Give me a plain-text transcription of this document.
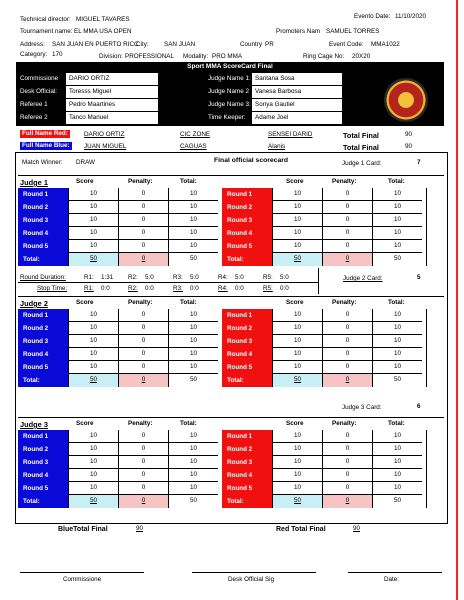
Technical director: MIGUEL TAVARES	Evento Date: 11/10/2020
Tournament name: EL MMA USA OPEN	Promoters Nam SAMUEL TORRES
Address: SAN JUAN EN PUERTO RICC
City: SAN JUAN	Country PR	Event Code: MMA1022
Category: 170	Division: PROFESSIONAL Modality: PRO MMA	Ring Cage No: 20X20
Sport MMA ScoreCard Final
Commissione	DARIO ORTIZ
Desk Official:	Toresss Miguel
Referee 1	Pedro Maartines
Referee 2	Tanco Manuel
Judge Name 1: Santana Sosa
Judge Name 2 Vanesa Barbosa
Judge Name 3: Sonya Gautiel
Time Keeper:	Adame Joel
Full Name Red:	DARIO ORTIZ	CIC ZONE	SENSEI DARID	Total Final	90
Full Name Blue:	JUAN MIGUEL	CAGUAS	Alanis	Total Final	90
Match Winner: DRAW	Final official scorecard	Judge 1 Card:	7
Judge 1	Score	Penalty:	Total:
Round 1	10	0	10
Round 2	10	0	10
Round 3	10	0	10
Round 4	10	0	10
Round 5	10	0	10
Total:	50	0	50
Score	Penalty:	Total:
Round 1	10	0	10
Round 2	10	0	10
Round 3	10	0	10
Round 4	10	0	10
Round 5	10	0	10
Total:	50	0	50
Judge 2	Score	Penalty:	Total:
Round 1	10	0	10
Round 2	10	0	10
Round 3	10	0	10
Round 4	10	0	10
Round 5	10	0	10
Total:	50	0	50
Score	Penalty:	Total:
Round 1	10	0	10
Round 2	10	0	10
Round 3	10	0	10
Round 4	10	0	10
Round 5	10	0	10
Total:	50	0	50
Judge 3	Score	Penalty:	Total:
Round 1	10	0	10
Round 2	10	0	10
Round 3	10	0	10
Round 4	10	0	10
Round 5	10	0	10
Total:	50	0	50
Score	Penalty:	Total:
Round 1	10	0	10
Round 2	10	0	10
Round 3	10	0	10
Round 4	10	0	10
Round 5	10	0	10
Total:	50	0	50
Round Duration:	R1: 1:31 R2: 5:0	R3: 5:0	R4: 5:0	R5: 5:0
Stop Time:	R1: 0:0	R2: 0:0	R3: 0:0	R4: 0:0	R5: 0:0
Judge 2 Card:	5
Judge 3 Card:	6
BlueTotal Final	90	Red Total Final	90
Commissione	Desk Official Sig	Date:
